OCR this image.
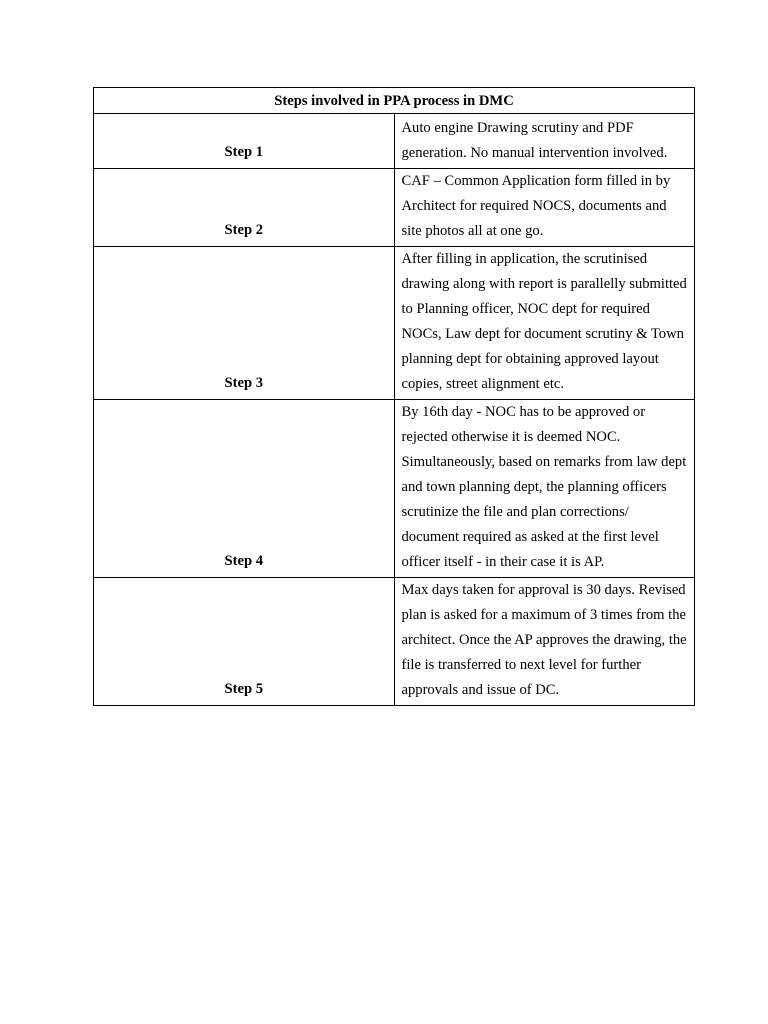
Steps involved in PPA process in DMC	
Step 1	Auto engine Drawing scrutiny and PDF generation. No manual intervention involved.
Step 2	CAF – Common Application form filled in by Architect for required NOCS, documents and site photos all at one go.
Step 3	After filling in application, the scrutinised drawing along with report is parallelly submitted to Planning officer, NOC dept for required NOCs, Law dept for document scrutiny & Town planning dept for obtaining approved layout copies, street alignment etc.
Step 4	By 16th day - NOC has to be approved or rejected otherwise it is deemed NOC. Simultaneously, based on remarks from law dept and town planning dept, the planning officers scrutinize the file and plan corrections/ document required as asked at the first level officer itself - in their case it is AP.
Step 5	Max days taken for approval is 30 days. Revised plan is asked for a maximum of 3 times from the architect. Once the AP approves the drawing, the file is transferred to next level for further approvals and issue of DC.
